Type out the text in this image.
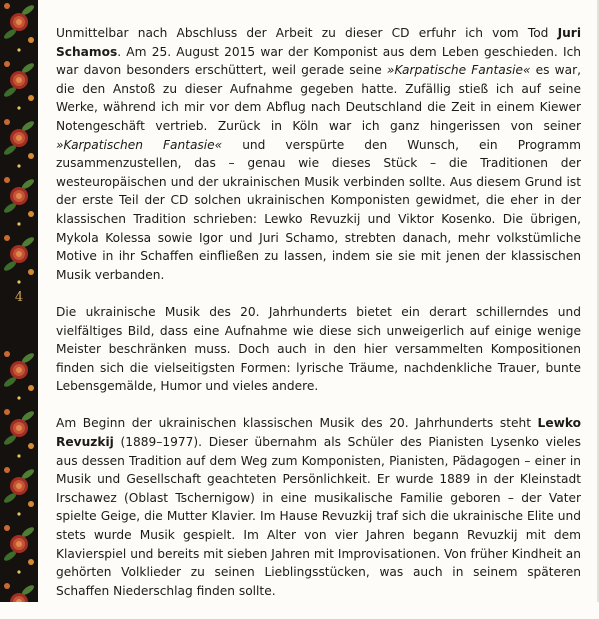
4

Unmittelbar nach Abschluss der Arbeit zu dieser CD erfuhr ich vom Tod Juri Schamos. Am 25. August 2015 war der Komponist aus dem Leben geschieden. Ich war davon besonders erschüttert, weil gerade seine »Karpatische Fantasie« es war, die den Anstoß zu dieser Aufnahme gegeben hatte. Zufällig stieß ich auf seine Werke, während ich mir vor dem Abflug nach Deutschland die Zeit in einem Kiewer Notengeschäft vertrieb. Zurück in Köln war ich ganz hingerissen von seiner »Karpatischen Fantasie« und verspürte den Wunsch, ein Programm zusammenzustellen, das – genau wie dieses Stück – die Traditionen der westeuropäischen und der ukrainischen Musik verbinden sollte. Aus diesem Grund ist der erste Teil der CD solchen ukrainischen Komponisten gewidmet, die eher in der klassischen Tradition schrieben: Lewko Revuzkij und Viktor Kosenko. Die übrigen, Mykola Kolessa sowie Igor und Juri Schamo, strebten danach, mehr volkstümliche Motive in ihr Schaffen einfließen zu lassen, indem sie sie mit jenen der klassischen Musik verbanden.

Die ukrainische Musik des 20. Jahrhunderts bietet ein derart schillerndes und vielfältiges Bild, dass eine Aufnahme wie diese sich unweigerlich auf einige wenige Meister beschränken muss. Doch auch in den hier versammelten Kompositionen finden sich die vielseitigsten Formen: lyrische Träume, nachdenkliche Trauer, bunte Lebensgemälde, Humor und vieles andere.

Am Beginn der ukrainischen klassischen Musik des 20. Jahrhunderts steht Lewko Revuzkij (1889–1977). Dieser übernahm als Schüler des Pianisten Lysenko vieles aus dessen Tradition auf dem Weg zum Komponisten, Pianisten, Pädagogen – einer in Musik und Gesellschaft geachteten Persönlichkeit. Er wurde 1889 in der Kleinstadt Irschawez (Oblast Tschernigow) in eine musikalische Familie geboren – der Vater spielte Geige, die Mutter Klavier. Im Hause Revuzkij traf sich die ukrainische Elite und stets wurde Musik gespielt. Im Alter von vier Jahren begann Revuzkij mit dem Klavierspiel und bereits mit sieben Jahren mit Improvisationen. Von früher Kindheit an gehörten Volklieder zu seinen Lieblingsstücken, was auch in seinem späteren Schaffen Niederschlag finden sollte.
